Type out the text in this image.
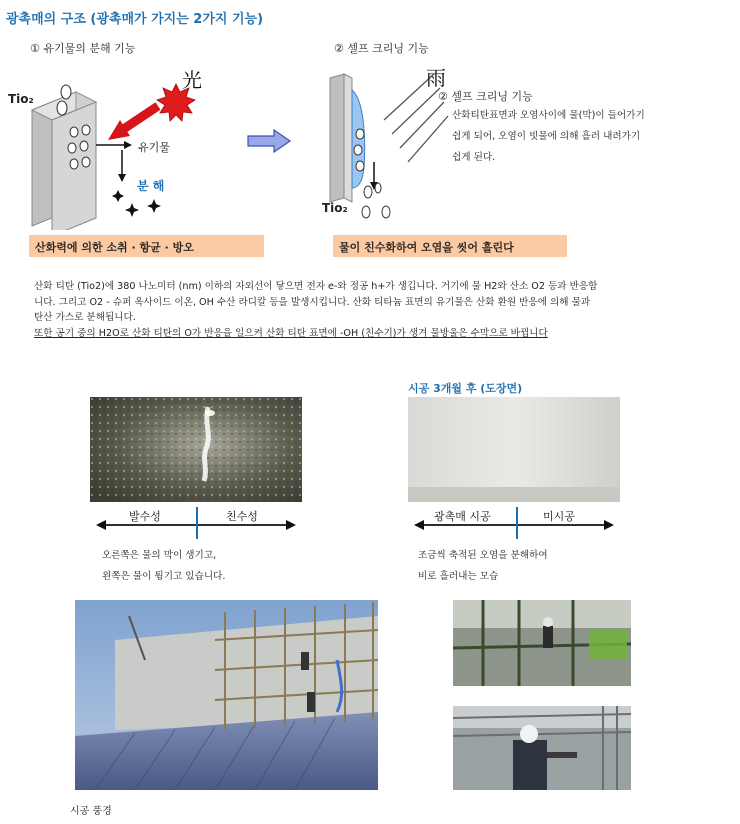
광촉매의 구조 (광촉매가 가지는 2가지 기능)
① 유기물의 분해 기능
光
Tio₂
유기물
분 해
산화력에 의한 소취 · 항균 · 방오
② 셀프 크리닝 기능
雨
Tio₂
② 셀프 크리닝 기능
산화티탄표면과 오염사이에 물(막)이 들어가기
쉽게 되어, 오염이 빗물에 의해 흘러 내려가기
쉽게 된다.
물이 친수화하여 오염을 씻어 흘린다

산화 티탄 (Tio2)에 380 나노미터 (nm) 이하의 자외선이 닿으면 전자 e-와 정공 h+가 생깁니다. 거기에 물 H2와 산소 O2 등과 반응합

니다. 그리고 O2 - 슈퍼 옥사이드 이온, OH 수산 라디칼 등을 발생시킵니다. 산화 티타늄 표면의 유기물은 산화 환원 반응에 의해 물과

탄산 가스로 분해됩니다.

또한 공기 중의 H2O로 산화 티탄의 O가 반응을 일으켜 산화 티탄 표면에 -OH (친수기)가 생겨 물방울은 수막으로 바뀝니다

시공 3개월 후 (도장면)
발수성	친수성	광촉매 시공	미시공
오른쪽은 물의 막이 생기고,
왼쪽은 물이 튕기고 있습니다.
조금씩 축적된 오염을 분해하여
비로 흘러내는 모습
시공 풍경
